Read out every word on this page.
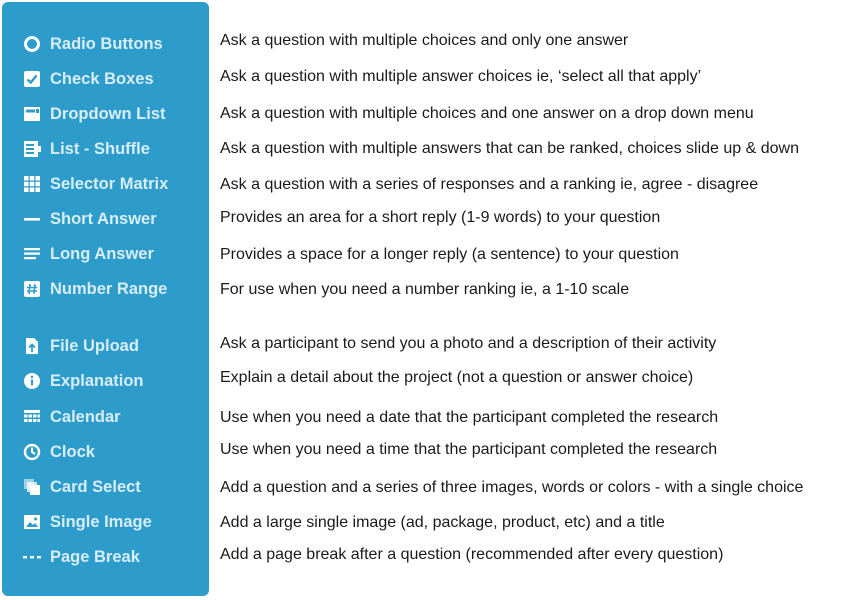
Radio Buttons
Check Boxes
Dropdown List
List - Shuffle
Selector Matrix
Short Answer
Long Answer
Number Range
File Upload
Explanation
Calendar
Clock
Card Select
Single Image
Page Break
Ask a question with multiple choices and only one answer
Ask a question with multiple answer choices ie, ‘select all that apply’
Ask a question with multiple choices and one answer on a drop down menu
Ask a question with multiple answers that can be ranked, choices slide up & down
Ask a question with a series of responses and a ranking ie, agree - disagree
Provides an area for a short reply (1-9 words) to your question
Provides a space for a longer reply (a sentence) to your question
For use when you need a number ranking ie, a 1-10 scale
Ask a participant to send you a photo and a description of their activity
Explain a detail about the project (not a question or answer choice)
Use when you need a date that the participant completed the research
Use when you need a time that the participant completed the research
Add a question and a series of three images, words or colors - with a single choice
Add a large single image (ad, package, product, etc) and a title
Add a page break after a question (recommended after every question)
